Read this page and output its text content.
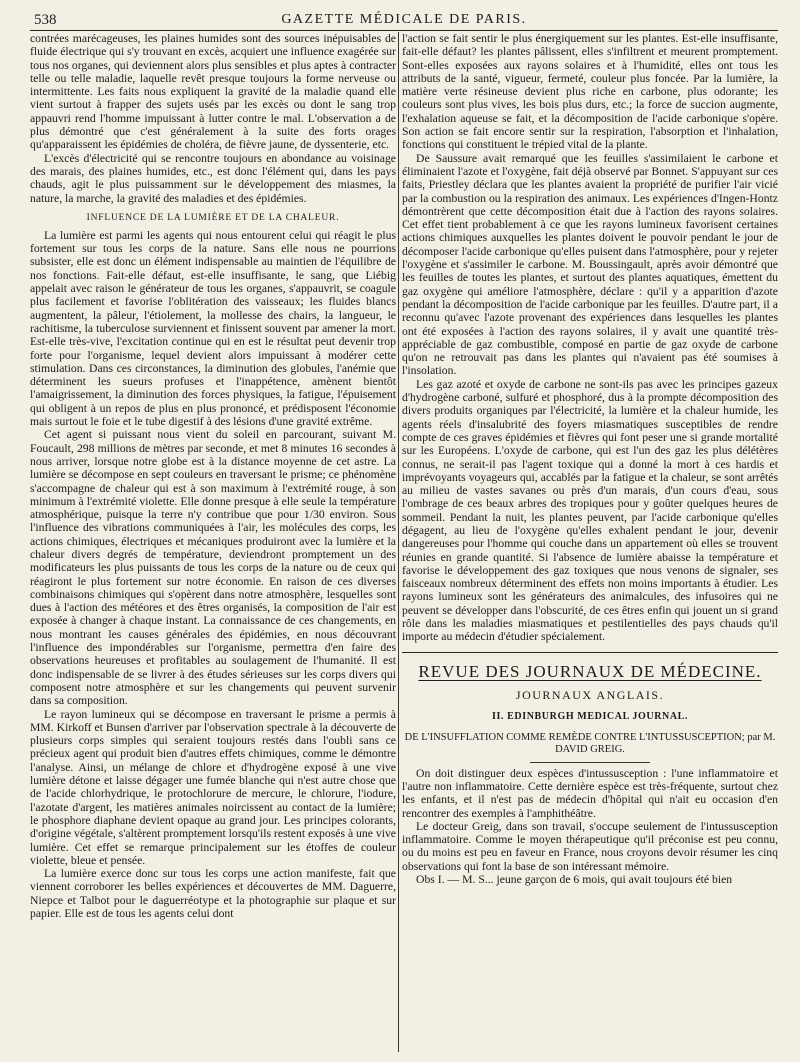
538	GAZETTE MÉDICALE DE PARIS.

contrées marécageuses, les plaines humides sont des sources inépuisables de fluide électrique qui s'y trouvant en excès, acquiert une influence exagérée sur tous nos organes, qui deviennent alors plus sensibles et plus aptes à contracter telle ou telle maladie, laquelle revêt presque toujours la forme nerveuse ou intermittente. Les faits nous expliquent la gravité de la maladie quand elle vient surtout à frapper des sujets usés par les excès ou dont le sang trop appauvri rend l'homme impuissant à lutter contre le mal. L'observation a de plus démontré que c'est généralement à la suite des forts orages qu'apparaissent les épidémies de choléra, de fièvre jaune, de dyssenterie, etc.

L'excès d'électricité qui se rencontre toujours en abondance au voisinage des marais, des plaines humides, etc., est donc l'élément qui, dans les pays chauds, agit le plus puissamment sur le développement des miasmes, la nature, la marche, la gravité des maladies et des épidémies.

INFLUENCE DE LA LUMIÈRE ET DE LA CHALEUR.

La lumière est parmi les agents qui nous entourent celui qui réagit le plus fortement sur tous les corps de la nature. Sans elle nous ne pourrions subsister, elle est donc un élément indispensable au maintien de l'équilibre de nos fonctions. Fait-elle défaut, est-elle insuffisante, le sang, que Liébig appelait avec raison le générateur de tous les organes, s'appauvrit, se coagule plus facilement et favorise l'oblitération des vaisseaux; les fluides blancs augmentent, la pâleur, l'étiolement, la mollesse des chairs, la langueur, le rachitisme, la tuberculose surviennent et finissent souvent par amener la mort. Est-elle très-vive, l'excitation continue qui en est le résultat peut devenir trop forte pour l'organisme, lequel devient alors impuissant à modérer cette stimulation. Dans ces circonstances, la diminution des globules, l'anémie que déterminent les sueurs profuses et l'inappétence, amènent bientôt l'amaigrissement, la diminution des forces physiques, la fatigue, l'épuisement qui obligent à un repos de plus en plus prononcé, et prédisposent l'économie mais surtout le foie et le tube digestif à des lésions d'une gravité extrême.

Cet agent si puissant nous vient du soleil en parcourant, suivant M. Foucault, 298 millions de mètres par seconde, et met 8 minutes 16 secondes à nous arriver, lorsque notre globe est à la distance moyenne de cet astre. La lumière se décompose en sept couleurs en traversant le prisme; ce phénomène s'accompagne de chaleur qui est à son maximum à l'extrémité rouge, à son minimum à l'extrémité violette. Elle donne presque à elle seule la température atmosphérique, puisque la terre n'y contribue que pour 1/30 environ. Sous l'influence des vibrations communiquées à l'air, les molécules des corps, les actions chimiques, électriques et mécaniques produiront avec la lumière et la chaleur divers degrés de température, deviendront promptement un des modificateurs les plus puissants de tous les corps de la nature ou de ceux qui réagiront le plus fortement sur notre économie. En raison de ces diverses combinaisons chimiques qui s'opèrent dans notre atmosphère, lesquelles sont dues à l'action des météores et des êtres organisés, la composition de l'air est exposée à changer à chaque instant. La connaissance de ces changements, en nous montrant les causes générales des épidémies, en nous découvrant l'influence des impondérables sur l'organisme, permettra d'en faire des observations heureuses et profitables au soulagement de l'humanité. Il est donc indispensable de se livrer à des études sérieuses sur les corps divers qui composent notre atmosphère et sur les changements qui peuvent survenir dans sa composition.

Le rayon lumineux qui se décompose en traversant le prisme a permis à MM. Kirkoff et Bunsen d'arriver par l'observation spectrale à la découverte de plusieurs corps simples qui seraient toujours restés dans l'oubli sans ce précieux agent qui produit bien d'autres effets chimiques, comme le démontre l'analyse. Ainsi, un mélange de chlore et d'hydrogène exposé à une vive lumière détone et laisse dégager une fumée blanche qui n'est autre chose que de l'acide chlorhydrique, le protochlorure de mercure, le chlorure, l'iodure, l'azotate d'argent, les matières animales noircissent au contact de la lumière; le phosphore diaphane devient opaque au grand jour. Les principes colorants, d'origine végétale, s'altèrent promptement lorsqu'ils restent exposés à une vive lumière. Cet effet se remarque principalement sur les étoffes de couleur violette, bleue et pensée.

La lumière exerce donc sur tous les corps une action manifeste, fait que viennent corroborer les belles expériences et découvertes de MM. Daguerre, Niepce et Talbot pour le daguerréotype et la photographie sur plaque et sur papier. Elle est de tous les agents celui dont

l'action se fait sentir le plus énergiquement sur les plantes. Est-elle insuffisante, fait-elle défaut? les plantes pâlissent, elles s'infiltrent et meurent promptement. Sont-elles exposées aux rayons solaires et à l'humidité, elles ont tous les attributs de la santé, vigueur, fermeté, couleur plus foncée. Par la lumière, la matière verte résineuse devient plus riche en carbone, plus odorante; les couleurs sont plus vives, les bois plus durs, etc.; la force de succion augmente, l'exhalation aqueuse se fait, et la décomposition de l'acide carbonique s'opère. Son action se fait encore sentir sur la respiration, l'absorption et l'inhalation, fonctions qui constituent le trépied vital de la plante.

De Saussure avait remarqué que les feuilles s'assimilaient le carbone et éliminaient l'azote et l'oxygène, fait déjà observé par Bonnet. S'appuyant sur ces faits, Priestley déclara que les plantes avaient la propriété de purifier l'air vicié par la combustion ou la respiration des animaux. Les expériences d'Ingen-Hontz démontrèrent que cette décomposition était due à l'action des rayons solaires. Cet effet tient probablement à ce que les rayons lumineux favorisent certaines actions chimiques auxquelles les plantes doivent le pouvoir pendant le jour de décomposer l'acide carbonique qu'elles puisent dans l'atmosphère, pour y rejeter l'oxygène et s'assimiler le carbone. M. Boussingault, après avoir démontré que les feuilles de toutes les plantes, et surtout des plantes aquatiques, émettent du gaz oxygène qui améliore l'atmosphère, déclare : qu'il y a apparition d'azote pendant la décomposition de l'acide carbonique par les feuilles. D'autre part, il a reconnu qu'avec l'azote provenant des expériences dans lesquelles les plantes ont été exposées à l'action des rayons solaires, il y avait une quantité très-appréciable de gaz combustible, composé en partie de gaz oxyde de carbone qu'on ne retrouvait pas dans les plantes qui n'avaient pas été soumises à l'insolation.

Les gaz azoté et oxyde de carbone ne sont-ils pas avec les principes gazeux d'hydrogène carboné, sulfuré et phosphoré, dus à la prompte décomposition des divers produits organiques par l'électricité, la lumière et la chaleur humide, les agents réels d'insalubrité des foyers miasmatiques susceptibles de rendre compte de ces graves épidémies et fièvres qui font peser une si grande mortalité sur les Européens. L'oxyde de carbone, qui est l'un des gaz les plus délétères connus, ne serait-il pas l'agent toxique qui a donné la mort à ces hardis et imprévoyants voyageurs qui, accablés par la fatigue et la chaleur, se sont arrêtés au milieu de vastes savanes ou près d'un marais, d'un cours d'eau, sous l'ombrage de ces beaux arbres des tropiques pour y goûter quelques heures de sommeil. Pendant la nuit, les plantes peuvent, par l'acide carbonique qu'elles dégagent, au lieu de l'oxygène qu'elles exhalent pendant le jour, devenir dangereuses pour l'homme qui couche dans un appartement où elles se trouvent réunies en grande quantité. Si l'absence de lumière abaisse la température et favorise le développement des gaz toxiques que nous venons de signaler, ses faisceaux nombreux déterminent des effets non moins importants à étudier. Les rayons lumineux sont les générateurs des animalcules, des infusoires qui ne peuvent se développer dans l'obscurité, de ces êtres enfin qui jouent un si grand rôle dans les maladies miasmatiques et pestilentielles des pays chauds qu'il importe au médecin d'étudier spécialement.

REVUE DES JOURNAUX DE MÉDECINE.
JOURNAUX ANGLAIS.
II. EDINBURGH MEDICAL JOURNAL.
DE L'INSUFFLATION COMME REMÈDE CONTRE L'INTUSSUSCEPTION; par M. DAVID GREIG.

On doit distinguer deux espèces d'intussusception : l'une inflammatoire et l'autre non inflammatoire. Cette dernière espèce est très-fréquente, surtout chez les enfants, et il n'est pas de médecin d'hôpital qui n'ait eu occasion d'en rencontrer des exemples à l'amphithéâtre.

Le docteur Greig, dans son travail, s'occupe seulement de l'intussusception inflammatoire. Comme le moyen thérapeutique qu'il préconise est peu connu, ou du moins est peu en faveur en France, nous croyons devoir résumer les cinq observations qui font la base de son intéressant mémoire.

Obs I. — M. S... jeune garçon de 6 mois, qui avait toujours été bien
